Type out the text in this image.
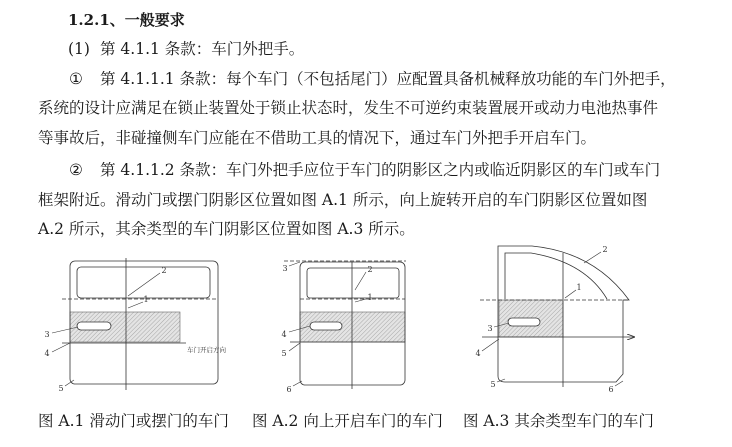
1
2
3
4
5
车门开启方向
1
2
3
4
5
6
1
2
3
4
5
6
1.2.1、一般要求
(1) 第 4.1.1 条款：车门外把手。
① 第 4.1.1.1 条款：每个车门（不包括尾门）应配置具备机械释放功能的车门外把手，
系统的设计应满足在锁止装置处于锁止状态时，发生不可逆约束装置展开或动力电池热事件
等事故后，非碰撞侧车门应能在不借助工具的情况下，通过车门外把手开启车门。
② 第 4.1.1.2 条款：车门外把手应位于车门的阴影区之内或临近阴影区的车门或车门
框架附近。滑动门或摆门阴影区位置如图 A.1 所示，向上旋转开启的车门阴影区位置如图
A.2 所示，其余类型的车门阴影区位置如图 A.3 所示。
图 A.1 滑动门或摆门的车门 图 A.2 向上开启车门的车门 图 A.3 其余类型车门的车门
